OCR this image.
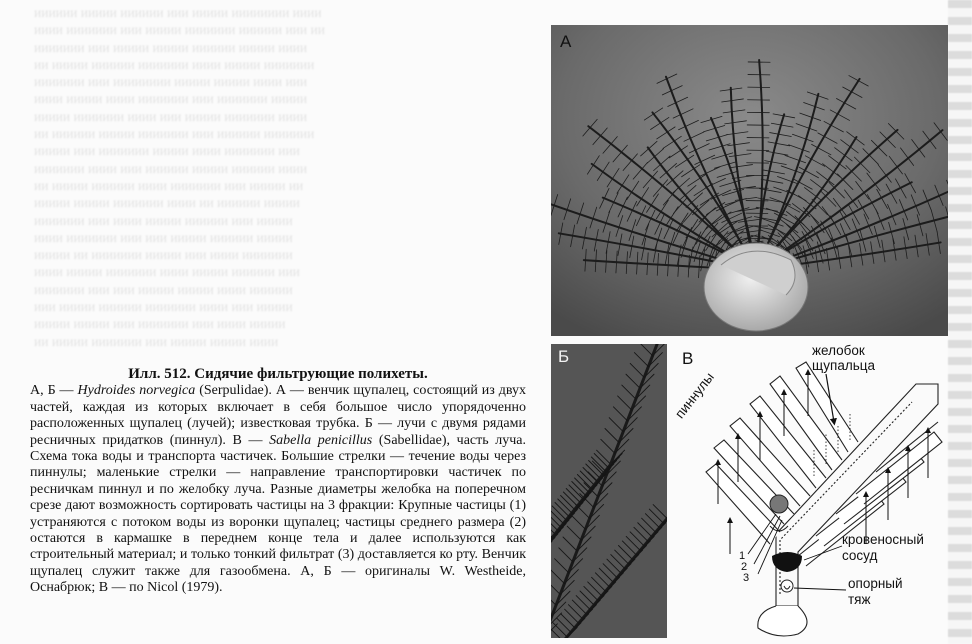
ииииии иииии ииииии иии иииии ииииииии ииии
ииии иииииии иии иииии иииииии ииииии иии ии
иииииии иии иииии иииии ииииии иииии ииии
ии иииии ииииии иииииии ииии иииии иииииии
иииииии иии ииииииии иииии иииии ииии иии
ииии иииии ииии иииииии иии иииииии иииии
иииии иииииии ииии иии иииии иииииии ииии
ии ииииии иииии иииииии иии ииииии иииииии
иииии иии иииииии иииии ииии иииииии иии
иииииии ииии иии ииииии иииии ииииии ииии
ии иииии ииииии ииии иииииии иии иииии ии
иииии иииии иииииии ииии ии ииииии иииии
иииииии иии ииии иииии ииииии иии иииии
ииии иииииии иии иии иииии ииииии иииии
иииии ии иииииии иииии иии ииии иииииии
ииии иииии иииииии ииии иииии ииииии иии
иииииии иии иии иииии иииии ииии ииииии
иии иииии ииииии иииииии ииии иии иииии
иииии иииии иии иииииии иии ииии иииии
ии иииии иииииии иии иииии иииии ииии
А
Б	В	желобок
щупальца
пиннулы
кровеносный
сосуд
опорный
тяж
1
2
3
Илл. 512. Сидячие фильтрующие полихеты.
А, Б — Hydroides norvegica (Serpulidae). А — венчик щупалец, состоящий из двух частей, каждая из которых включает в себя большое число упорядоченно расположенных щупалец (лучей); известковая трубка. Б — лучи с двумя рядами ресничных придатков (пиннул). В — Sabella penicillus (Sabellidae), часть луча. Схема тока воды и транспорта частичек. Большие стрелки — течение воды через пиннулы; маленькие стрелки — направление транспортировки частичек по ресничкам пиннул и по желобку луча. Разные диаметры желобка на поперечном срезе дают возможность сортировать частицы на 3 фракции: Крупные частицы (1) устраняются с потоком воды из воронки щупалец; частицы среднего размера (2) остаются в кармашке в переднем конце тела и далее используются как строительный материал; и только тонкий фильтрат (3) доставляется ко рту. Венчик щупалец служит также для газообмена. А, Б — оригиналы W. Westheide, Оснабрюк; В — по Nicol (1979).
